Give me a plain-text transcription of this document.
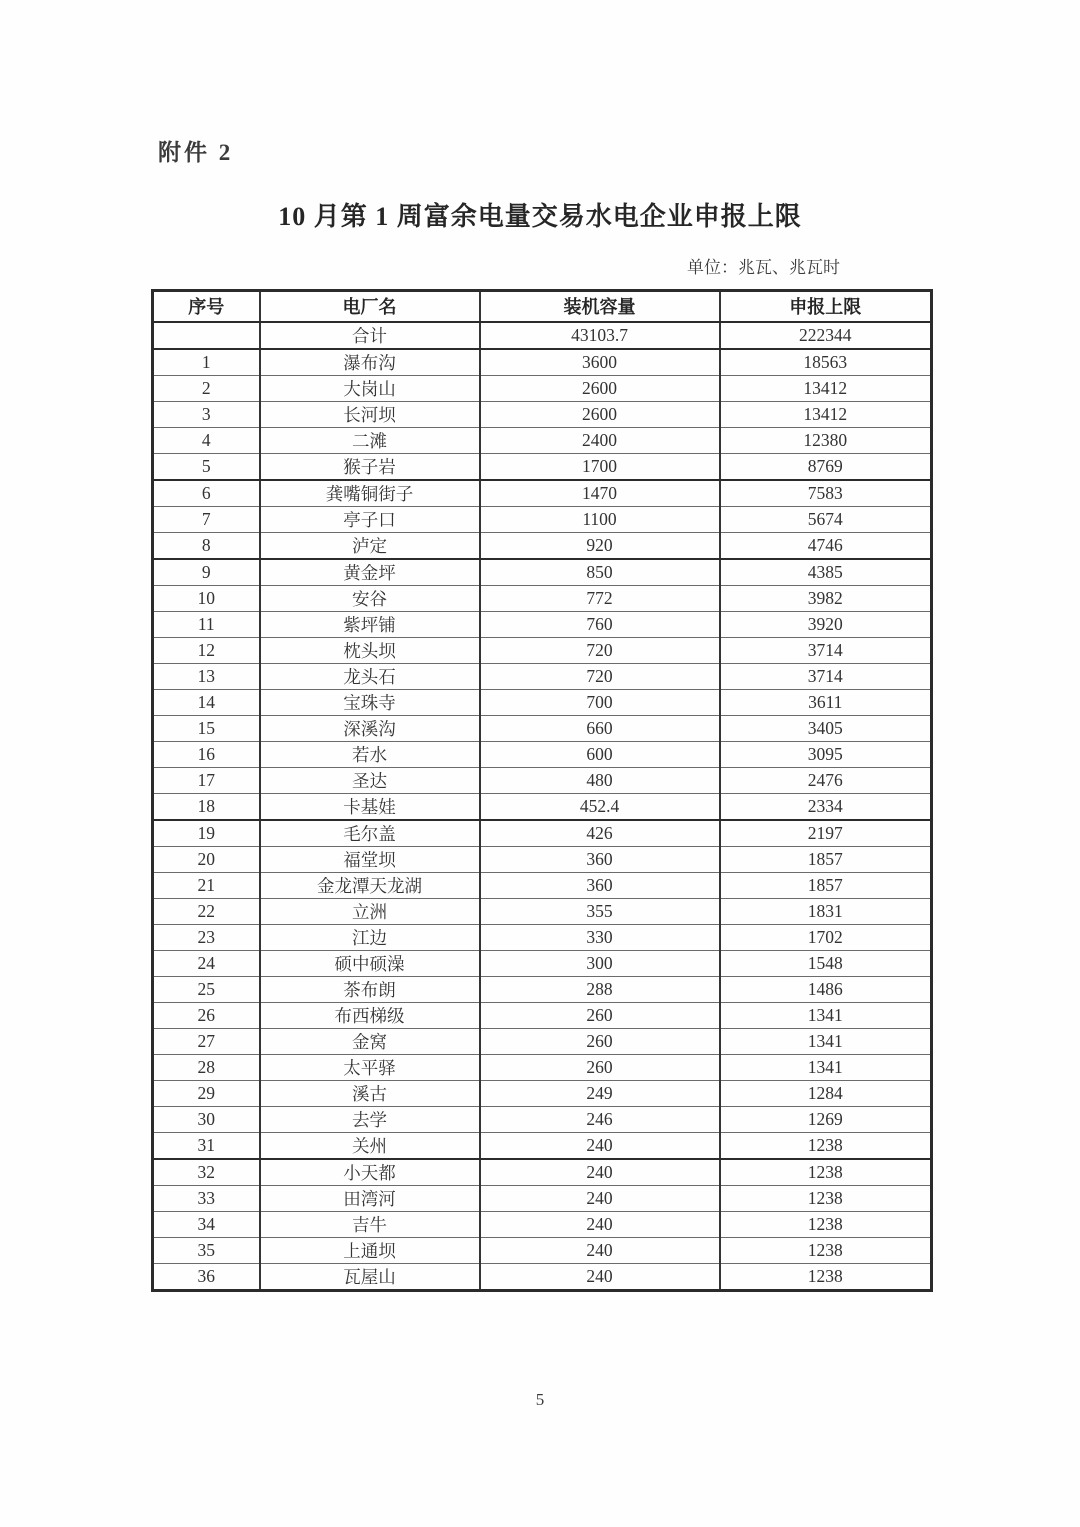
附件 2
10 月第 1 周富余电量交易水电企业申报上限
单位：兆瓦、兆瓦时
序号	电厂名	装机容量	申报上限
	合计	43103.7	222344
1	瀑布沟	3600	18563
2	大岗山	2600	13412
3	长河坝	2600	13412
4	二滩	2400	12380
5	猴子岩	1700	8769
6	龚嘴铜街子	1470	7583
7	亭子口	1100	5674
8	泸定	920	4746
9	黄金坪	850	4385
10	安谷	772	3982
11	紫坪铺	760	3920
12	枕头坝	720	3714
13	龙头石	720	3714
14	宝珠寺	700	3611
15	深溪沟	660	3405
16	若水	600	3095
17	圣达	480	2476
18	卡基娃	452.4	2334
19	毛尔盖	426	2197
20	福堂坝	360	1857
21	金龙潭天龙湖	360	1857
22	立洲	355	1831
23	江边	330	1702
24	硕中硕澡	300	1548
25	茶布朗	288	1486
26	布西梯级	260	1341
27	金窝	260	1341
28	太平驿	260	1341
29	溪古	249	1284
30	去学	246	1269
31	关州	240	1238
32	小天都	240	1238
33	田湾河	240	1238
34	吉牛	240	1238
35	上通坝	240	1238
36	瓦屋山	240	1238
5
